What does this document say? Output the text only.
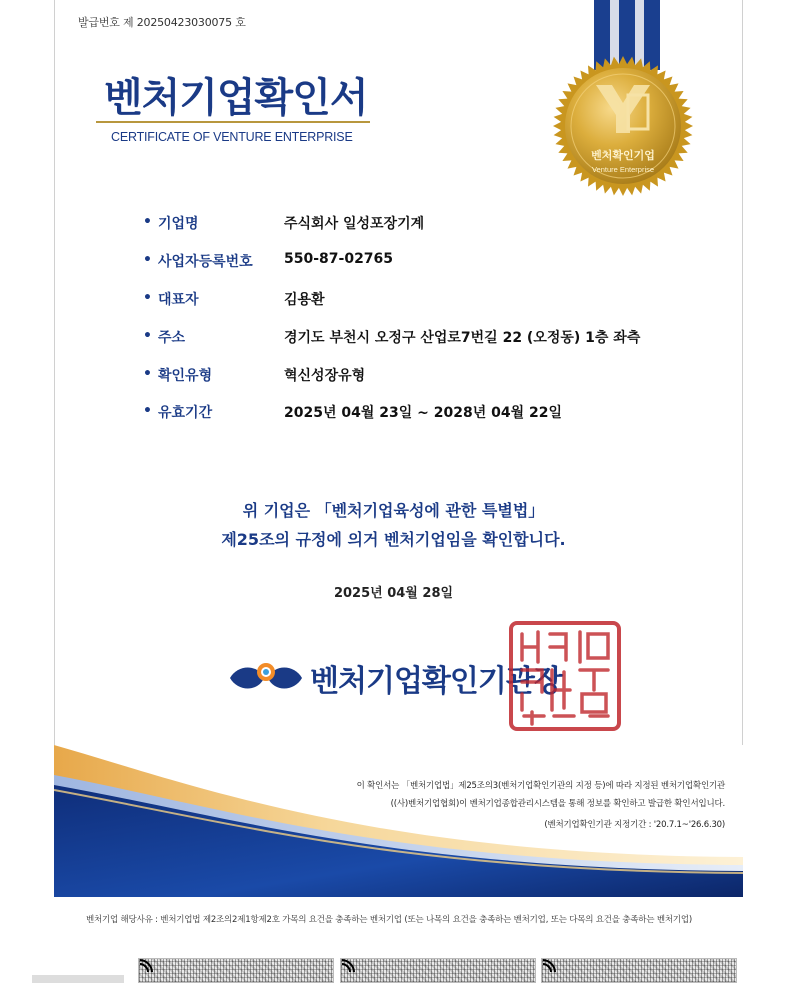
발급번호 제 20250423030075 호
벤처기업확인서
CERTIFICATE OF VENTURE ENTERPRISE
벤처확인기업
Venture Enterprise
• 기업명	주식회사 일성포장기계
• 사업자등록번호 550-87-02765
• 대표자	김용환
• 주소	경기도 부천시 오정구 산업로7번길 22 (오정동) 1층 좌측
• 확인유형	혁신성장유형
• 유효기간	2025년 04월 23일 ~ 2028년 04월 22일
위 기업은 「벤처기업육성에 관한 특별법」
제25조의 규정에 의거 벤처기업임을 확인합니다.
2025년 04월 28일
벤처기업확인기관장
이 확인서는 「벤처기업법」제25조의3(벤처기업확인기관의 지정 등)에 따라 지정된 벤처기업확인기관
((사)벤처기업협회)이 벤처기업종합관리시스템을 통해 정보를 확인하고 발급한 확인서입니다.
(벤처기업확인기관 지정기간 : '20.7.1~'26.6.30)
벤처기업 해당사유 : 벤처기업법 제2조의2제1항제2호 가목의 요건을 충족하는 벤처기업 (또는 나목의 요건을 충족하는 벤처기업, 또는 다목의 요건을 충족하는 벤처기업)
